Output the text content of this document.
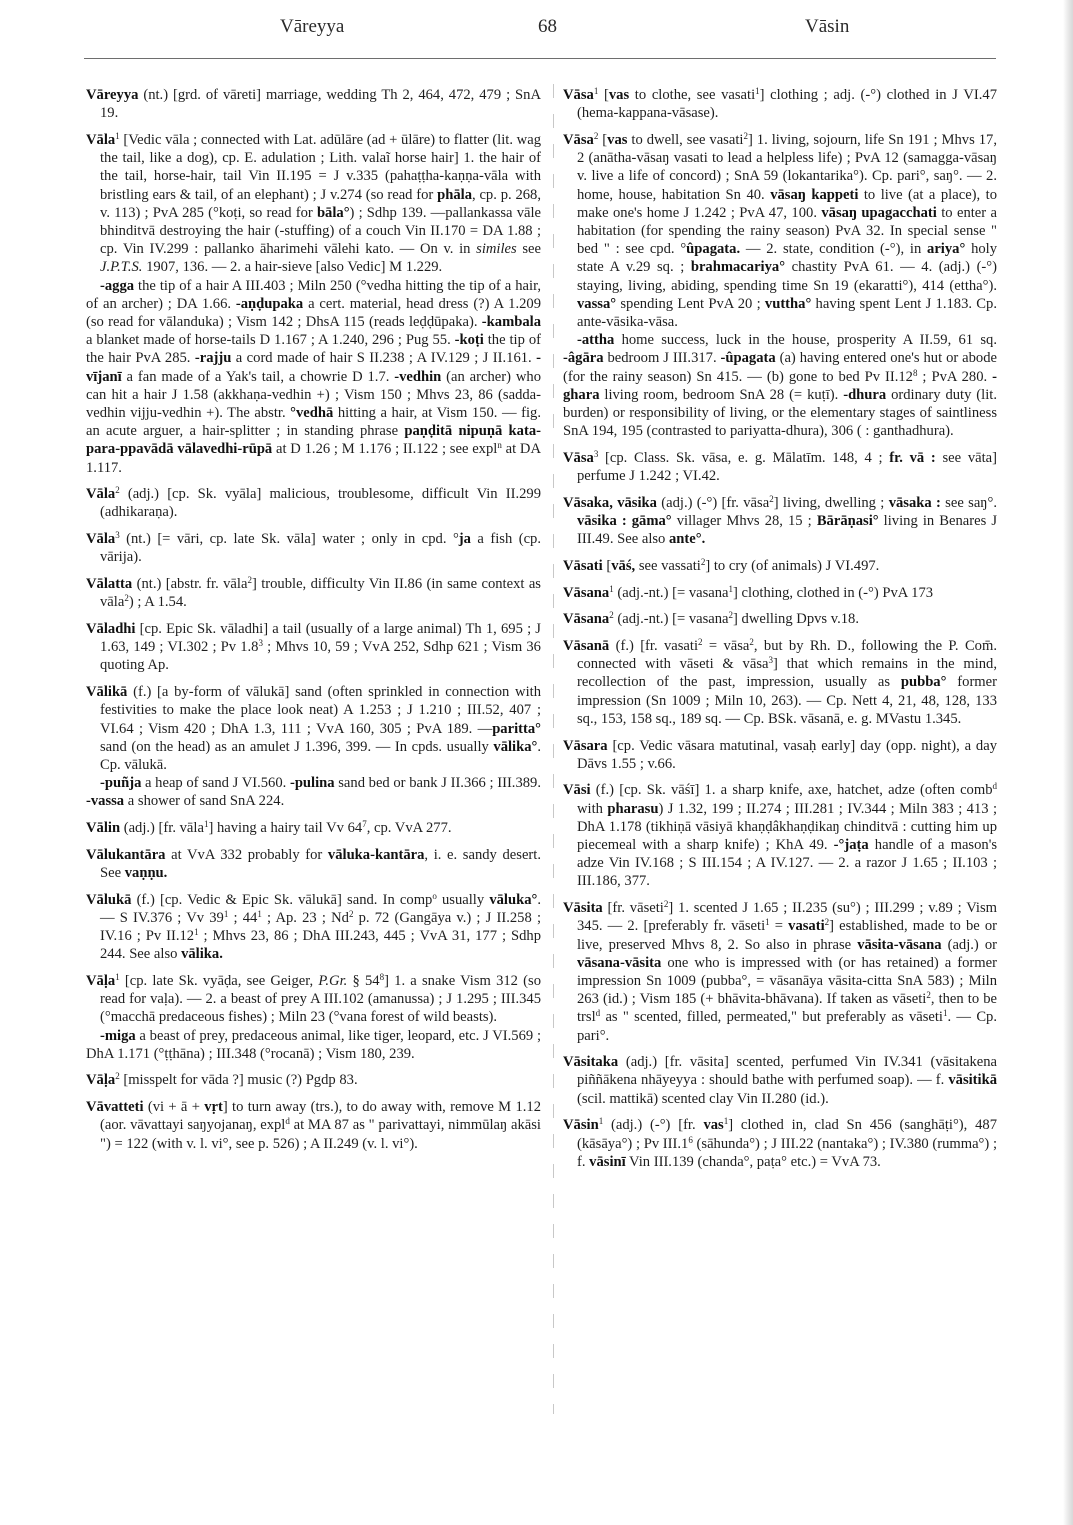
Vāreyya	68	Vāsin

Vāreyya (nt.) [grd. of vāreti] marriage, wedding Th 2, 464, 472, 479 ; SnA 19.

Vāla$^1$ [Vedic vāla ; connected with Lat. adūlāre (ad + ūlāre) to flatter (lit. wag the tail, like a dog), cp. E. adulation ; Lith. valaĩ horse hair] 1. the hair of the tail, horse-hair, tail Vin II.195 = J v.335 (pahaṭṭha-kaṇṇa-vāla with bristling ears & tail, of an elephant) ; J v.274 (so read for phāla, cp. p. 268, v. 113) ; PvA 285 (°koṭi, so read for bāla°) ; Sdhp 139. —pallankassa vāle bhinditvā destroying the hair (-stuffing) of a couch Vin II.170 = DA 1.88 ; cp. Vin IV.299 : pallanko āharimehi vālehi kato. — On v. in similes see J.P.T.S. 1907, 136. — 2. a hair-sieve [also Vedic] M 1.229.
-agga the tip of a hair A III.403 ; Miln 250 (°vedha hitting the tip of a hair, of an archer) ; DA 1.66. -aṇḍupaka a cert. material, head dress (?) A 1.209 (so read for vālanduka) ; Vism 142 ; DhsA 115 (reads leḍḍūpaka). -kambala a blanket made of horse-tails D 1.167 ; A 1.240, 296 ; Pug 55. -koṭi the tip of the hair PvA 285. -rajju a cord made of hair S II.238 ; A IV.129 ; J II.161. -vījanī a fan made of a Yak's tail, a chowrie D 1.7. -vedhin (an archer) who can hit a hair J 1.58 (akkhaṇa-vedhin +) ; Vism 150 ; Mhvs 23, 86 (sadda-vedhin vijju-vedhin +). The abstr. °vedhā hitting a hair, at Vism 150. — fig. an acute arguer, a hair-splitter ; in standing phrase paṇḍitā nipuṇā kata-para-ppavādā vālavedhi-rūpā at D 1.26 ; M 1.176 ; II.122 ; see expl$^n$ at DA 1.117.

Vāla$^2$ (adj.) [cp. Sk. vyāla] malicious, troublesome, difficult Vin II.299 (adhikaraṇa).

Vāla$^3$ (nt.) [= vāri, cp. late Sk. vāla] water ; only in cpd. °ja a fish (cp. vārija).

Vālatta (nt.) [abstr. fr. vāla$^2$] trouble, difficulty Vin II.86 (in same context as vāla$^2$) ; A 1.54.

Vāladhi [cp. Epic Sk. vāladhi] a tail (usually of a large animal) Th 1, 695 ; J 1.63, 149 ; VI.302 ; Pv $1.8^3$ ; Mhvs 10, 59 ; VvA 252, Sdhp 621 ; Vism 36 quoting Ap.

Vālikā (f.) [a by-form of vālukā] sand (often sprinkled in connection with festivities to make the place look neat) A 1.253 ; J 1.210 ; III.52, 407 ; VI.64 ; Vism 420 ; DhA 1.3, 111 ; VvA 160, 305 ; PvA 189. —paritta° sand (on the head) as an amulet J 1.396, 399. — In cpds. usually vālika°. Cp. vālukā.
-puñja a heap of sand J VI.560. -pulina sand bed or bank J II.366 ; III.389. -vassa a shower of sand SnA 224.

Vālin (adj.) [fr. vāla$^1$] having a hairy tail Vv $64^7$, cp. VvA 277.

Vālukantāra at VvA 332 probably for vāluka-kantāra, i. e. sandy desert. See vaṇṇu.

Vālukā (f.) [cp. Vedic & Epic Sk. vālukā] sand. In comp$^o$ usually vāluka°. — S IV.376 ; Vv $39^1$ ; $44^1$ ; Ap. 23 ; Nd$^2$ p. 72 (Gangāya v.) ; J II.258 ; IV.16 ; Pv $II.12^1$ ; Mhvs 23, 86 ; DhA III.243, 445 ; VvA 31, 177 ; Sdhp 244. See also vālika.

Vāḷa$^1$ [cp. late Sk. vyāḍa, see Geiger, P.Gr. § $54^8$] 1. a snake Vism 312 (so read for vaḷa). — 2. a beast of prey A III.102 (amanussa) ; J 1.295 ; III.345 (°macchā predaceous fishes) ; Miln 23 (°vana forest of wild beasts).
-miga a beast of prey, predaceous animal, like tiger, leopard, etc. J VI.569 ; DhA 1.171 (°ṭṭhāna) ; III.348 (°rocanā) ; Vism 180, 239.

Vāḷa$^2$ [misspelt for vāda ?] music (?) Pgdp 83.

Vāvatteti (vi + ā + vṛt] to turn away (trs.), to do away with, remove M 1.12 (aor. vāvattayi saŋyojanaŋ, expl$^d$ at MA 87 as " parivattayi, nimmūlaŋ akāsi ") = 122 (with v. l. vi°, see p. 526) ; A II.249 (v. l. vi°).

Vāsa$^1$ [vas to clothe, see vasati$^1$] clothing ; adj. (-°) clothed in J VI.47 (hema-kappana-vāsase).

Vāsa$^2$ [vas to dwell, see vasati$^2$] 1. living, sojourn, life Sn 191 ; Mhvs 17, 2 (anātha-vāsaŋ vasati to lead a helpless life) ; PvA 12 (samagga-vāsaŋ v. live a life of concord) ; SnA 59 (lokantarika°). Cp. pari°, saŋ°. — 2. home, house, habitation Sn 40. vāsaŋ kappeti to live (at a place), to make one's home J 1.242 ; PvA 47, 100. vāsaŋ upagacchati to enter a habitation (for spending the rainy season) PvA 32. In special sense " bed " : see cpd. °ûpagata. — 2. state, condition (-°), in ariya° holy state A v.29 sq. ; brahmacariya° chastity PvA 61. — 4. (adj.) (-°) staying, living, abiding, spending time Sn 19 (ekaratti°), 414 (ettha°). vassa° spending Lent PvA 20 ; vuttha° having spent Lent J 1.183. Cp. ante-vāsika-vāsa.
-attha home success, luck in the house, prosperity A II.59, 61 sq. -âgāra bedroom J III.317. -ûpagata (a) having entered one's hut or abode (for the rainy season) Sn 415. — (b) gone to bed Pv $II.12^8$ ; PvA 280. -ghara living room, bedroom SnA 28 (= kuṭī). -dhura ordinary duty (lit. burden) or responsibility of living, or the elementary stages of saintliness SnA 194, 195 (contrasted to pariyatta-dhura), 306 ( : ganthadhura).

Vāsa$^3$ [cp. Class. Sk. vāsa, e. g. Mālatīm. 148, 4 ; fr. vā : see vāta] perfume J 1.242 ; VI.42.

Vāsaka, vāsika (adj.) (-°) [fr. vāsa$^2$] living, dwelling ; vāsaka : see saŋ°. vāsika : gāma° villager Mhvs 28, 15 ; Bārāṇasi° living in Benares J III.49. See also ante°.

Vāsati [vāś, see vassati$^2$] to cry (of animals) J VI.497.

Vāsana$^1$ (adj.-nt.) [= vasana$^1$] clothing, clothed in (-°) PvA 173

Vāsana$^2$ (adj.-nt.) [= vasana$^2$] dwelling Dpvs v.18.

Vāsanā (f.) [fr. vasati$^2$ = vāsa$^2$, but by Rh. D., following the P. Com̄. connected with vāseti & vāsa$^3$] that which remains in the mind, recollection of the past, impression, usually as pubba° former impression (Sn 1009 ; Miln 10, 263). — Cp. Nett 4, 21, 48, 128, 133 sq., 153, 158 sq., 189 sq. — Cp. BSk. vāsanā, e. g. MVastu 1.345.

Vāsara [cp. Vedic vāsara matutinal, vasaḥ early] day (opp. night), a day Dāvs 1.55 ; v.66.

Vāsi (f.) [cp. Sk. vāśī] 1. a sharp knife, axe, hatchet, adze (often comb$^d$ with pharasu) J 1.32, 199 ; II.274 ; III.281 ; IV.344 ; Miln 383 ; 413 ; DhA 1.178 (tikhiṇā vāsiyā khaṇḍâkhaṇḍikaŋ chinditvā : cutting him up piecemeal with a sharp knife) ; KhA 49. -°jaṭa handle of a mason's adze Vin IV.168 ; S III.154 ; A IV.127. — 2. a razor J 1.65 ; II.103 ; III.186, 377.

Vāsita [fr. vāseti$^2$] 1. scented J 1.65 ; II.235 (su°) ; III.299 ; v.89 ; Vism 345. — 2. [preferably fr. vāseti$^1$ = vasati$^2$] established, made to be or live, preserved Mhvs 8, 2. So also in phrase vāsita-vāsana (adj.) or vāsana-vāsita one who is impressed with (or has retained) a former impression Sn 1009 (pubba°, = vāsanāya vāsita-citta SnA 583) ; Miln 263 (id.) ; Vism 185 (+ bhāvita-bhāvana). If taken as vāseti$^2$, then to be trsl$^d$ as " scented, filled, permeated," but preferably as vāseti$^1$. — Cp. pari°.

Vāsitaka (adj.) [fr. vāsita] scented, perfumed Vin IV.341 (vāsitakena piññākena nhāyeyya : should bathe with perfumed soap). — f. vāsitikā (scil. mattikā) scented clay Vin II.280 (id.).

Vāsin$^1$ (adj.) (-°) [fr. vas$^1$] clothed in, clad Sn 456 (sanghāṭi°), 487 (kāsāya°) ; Pv $III.1^6$ (sāhunda°) ; J III.22 (nantaka°) ; IV.380 (rumma°) ; f. vāsinī Vin III.139 (chanda°, paṭa° etc.) = VvA 73.
